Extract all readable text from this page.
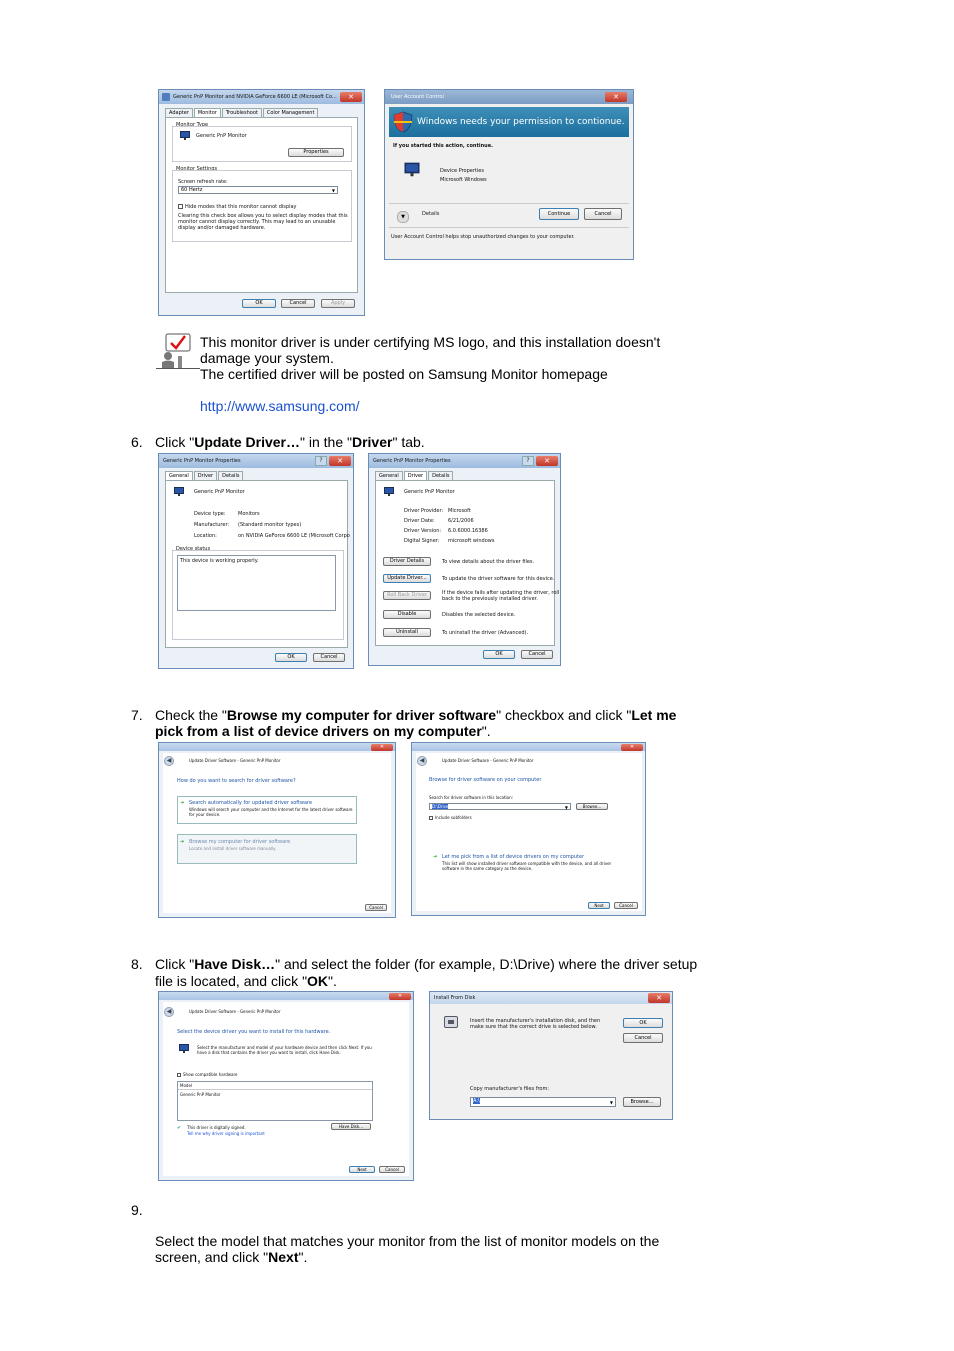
Generic PnP Monitor and NVIDIA GeForce 6600 LE (Microsoft Co...	✕
Adapter	Monitor	Troubleshoot	Color Management
Monitor Type
Generic PnP Monitor
Properties
Monitor Settings
Screen refresh rate:
60 Hertz	▼
Hide modes that this monitor cannot display
Clearing this check box allows you to select display modes that this
monitor cannot display correctly. This may lead to an unusable
display and/or damaged hardware.
OK	Cancel	Apply
User Account Control	✕
Windows needs your permission to contionue.
If you started this action, continue.
Device Properties
Microsoft Windows
▼	Details	Continue	Cancel
User Account Control helps stop unauthorized changes to your computer.
This monitor driver is under certifying MS logo, and this installation doesn't
damage your system.
The certified driver will be posted on Samsung Monitor homepage
http://www.samsung.com/
6. Click "Update Driver…" in the "Driver" tab.
Generic PnP Monitor Properties	?	✕
General	Driver	Details
Generic PnP Monitor
Device type: Monitors
Manufacturer: (Standard monitor types)
Location:	on NVIDIA GeForce 6600 LE (Microsoft Corpo
Device status
This device is working properly.
OK	Cancel
Generic PnP Monitor Properties	?	✕
General	Driver	Details
Generic PnP Monitor
Driver Provider: Microsoft
Driver Date:	6/21/2006
Driver Version: 6.0.6000.16386
Digital Signer: microsoft windows
Driver Details	To view details about the driver files.
Update Driver...	To update the driver software for this device.
Roll Back Driver	If the device fails after updating the driver, roll
back to the previously installed driver.
Disable	Disables the selected device.
Uninstall	To uninstall the driver (Advanced).
OK	Cancel
7. Check the "Browse my computer for driver software" checkbox and click "Let me
pick from a list of device drivers on my computer".
✕
◀	Update Driver Software - Generic PnP Monitor
How do you want to search for driver software?
➜ Search automatically for updated driver software
Windows will search your computer and the Internet for the latest driver software
for your device.
➜ Browse my computer for driver software
Locate and install driver software manually.
Cancel
✕
◀	Update Driver Software - Generic PnP Monitor
Browse for driver software on your computer
Search for driver software in this location:
D:\Drive	▼	Browse...
Include subfolders
➜ Let me pick from a list of device drivers on my computer
This list will show installed driver software compatible with the device, and all driver
software in the same category as the device.
Next	Cancel
8. Click "Have Disk…" and select the folder (for example, D:\Drive) where the driver setup
file is located, and click "OK".
✕
◀	Update Driver Software - Generic PnP Monitor
Select the device driver you want to install for this hardware.
Select the manufacturer and model of your hardware device and then click Next. If you
have a disk that contains the driver you want to install, click Have Disk.
Show compatible hardware
Model
Generic PnP Monitor
✔ This driver is digitally signed.
Tell me why driver signing is important
Have Disk...
Next	Cancel
Install From Disk	✕
Insert the manufacturer's installation disk, and then
make sure that the correct drive is selected below.
OK
Cancel
Copy manufacturer's files from:
A:\	▼	Browse...
9.
Select the model that matches your monitor from the list of monitor models on the
screen, and click "Next".
